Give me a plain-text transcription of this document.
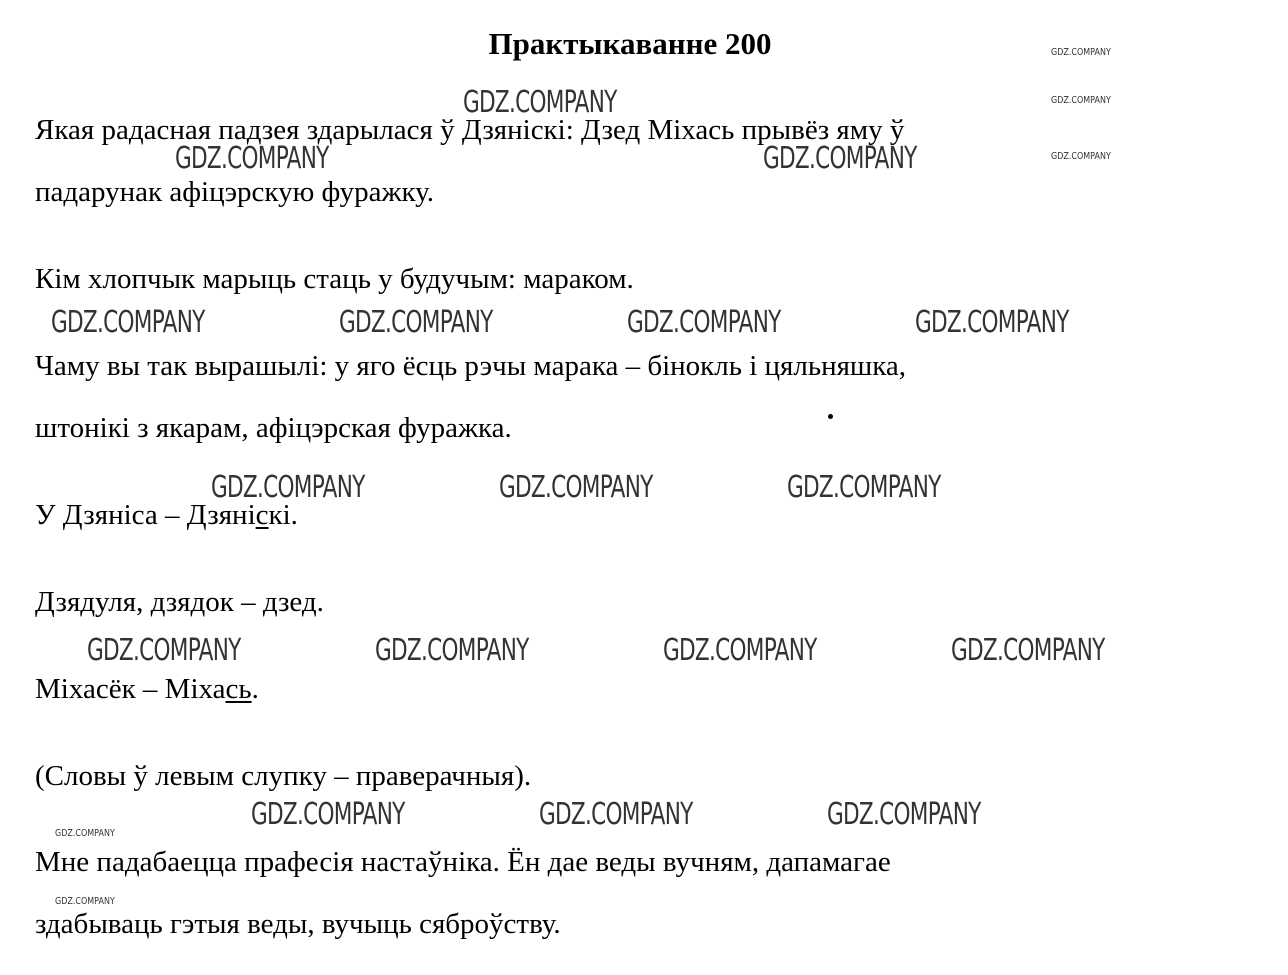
Практыкаванне 200
Якая радасная падзея здарылася ў Дзяніскі: Дзед Міхась прывёз яму ў
падарунак афіцэрскую фуражку.
Кім хлопчык марыць стаць у будучым: мараком.
Чаму вы так вырашылі: у яго ёсць рэчы марака – бінокль і цяльняшка,
штонікі з якарам, афіцэрская фуражка.
У Дзяніса – Дзяніскі.
Дзядуля, дзядок – дзед.
Міхасёк – Міхась.
(Словы ў левым слупку – праверачныя).
Мне падабаецца прафесія настаўніка. Ён дае веды вучням, дапамагае
здабываць гэтыя веды, вучыць сяброўству.
GDZ.COMPANY
GDZ.COMPANY
GDZ.COMPANY
GDZ.COMPANY
GDZ.COMPANY	GDZ.COMPANY
GDZ.COMPANY	GDZ.COMPANY	GDZ.COMPANY	GDZ.COMPANY
GDZ.COMPANY	GDZ.COMPANY	GDZ.COMPANY
GDZ.COMPANY	GDZ.COMPANY	GDZ.COMPANY	GDZ.COMPANY
GDZ.COMPANY	GDZ.COMPANY	GDZ.COMPANY
GDZ.COMPANY
GDZ.COMPANY
